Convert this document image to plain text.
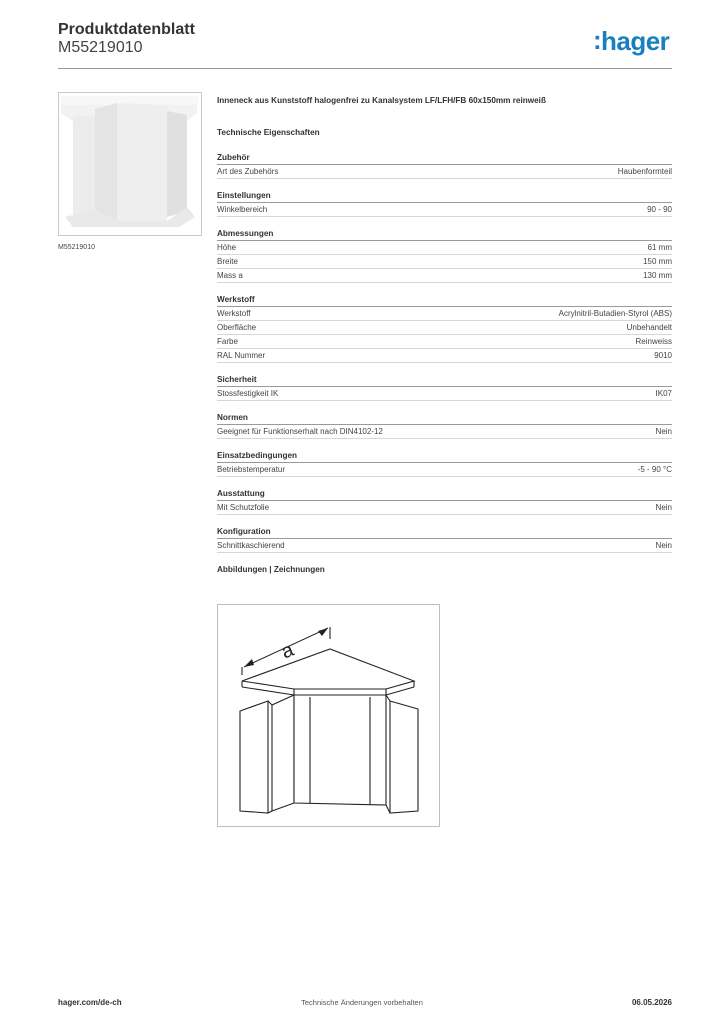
Produktdatenblatt
M55219010	:hager
M55219010
Inneneck aus Kunststoff halogenfrei zu Kanalsystem LF/LFH/FB 60x150mm reinweiß
Technische Eigenschaften
Zubehör
Art des Zubehörs	Haubenformteil
Einstellungen
Winkelbereich	90 - 90
Abmessungen
Höhe	61 mm
Breite	150 mm
Mass a	130 mm
Werkstoff
Werkstoff	Acrylnitril-Butadien-Styrol (ABS)
Oberfläche	Unbehandelt
Farbe	Reinweiss
RAL Nummer	9010
Sicherheit
Stossfestigkeit IK	IK07
Normen
Geeignet für Funktionserhalt nach DIN4102-12	Nein
Einsatzbedingungen
Betriebstemperatur	-5 - 90 °C
Ausstattung
Mit Schutzfolie	Nein
Konfiguration
Schnittkaschierend	Nein
Abbildungen | Zeichnungen
a
hager.com/de-ch	Technische Änderungen vorbehalten	06.05.2026
